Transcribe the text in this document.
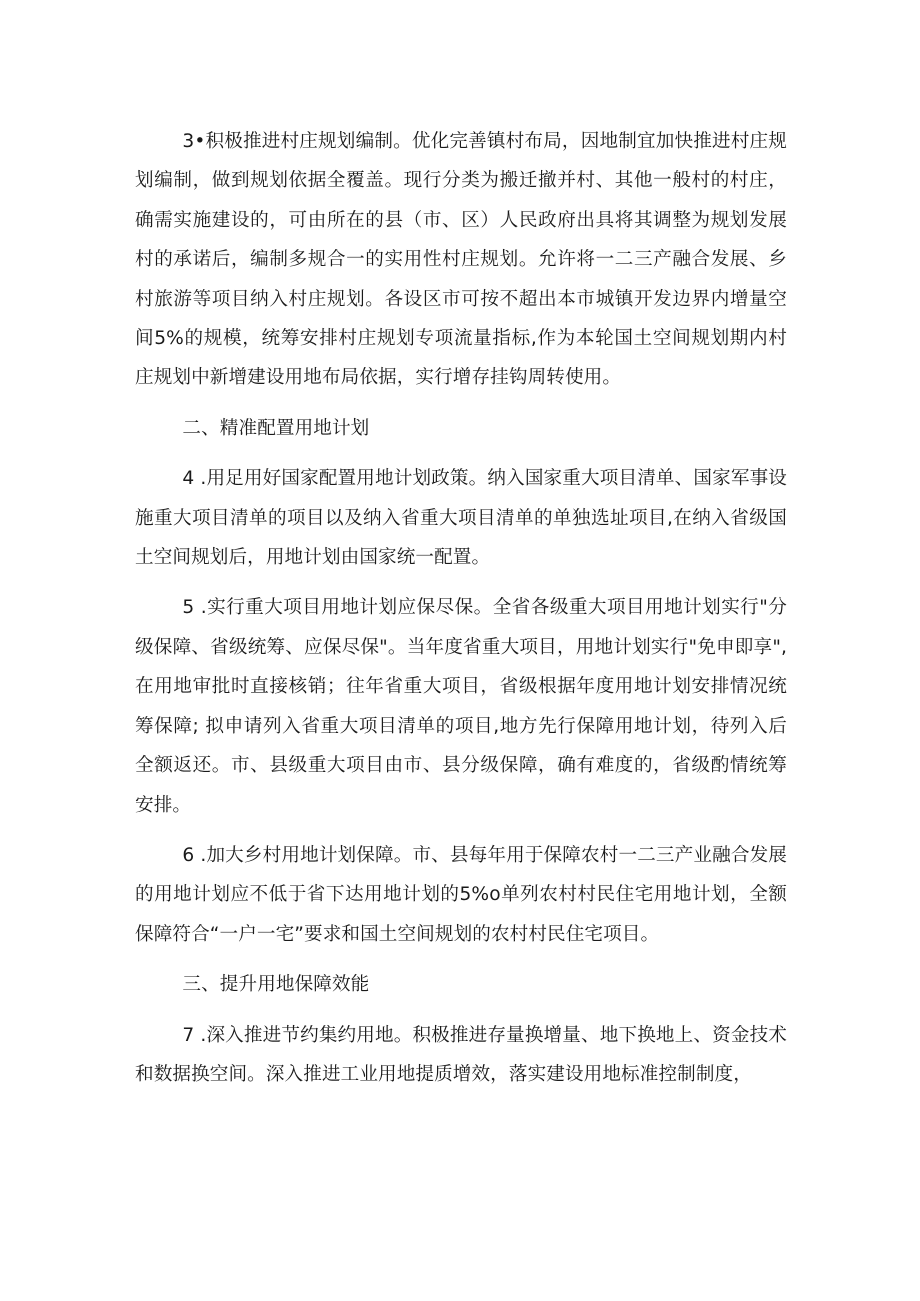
3•积极推进村庄规划编制。优化完善镇村布局，因地制宜加快推进村庄规划编制，做到规划依据全覆盖。现行分类为搬迁撤并村、其他一般村的村庄，确需实施建设的，可由所在的县（市、区）人民政府出具将其调整为规划发展村的承诺后，编制多规合一的实用性村庄规划。允许将一二三产融合发展、乡村旅游等项目纳入村庄规划。各设区市可按不超出本市城镇开发边界内增量空间5%的规模，统筹安排村庄规划专项流量指标,作为本轮国土空间规划期内村庄规划中新增建设用地布局依据，实行增存挂钩周转使用。

二、精准配置用地计划

4 .用足用好国家配置用地计划政策。纳入国家重大项目清单、国家军事设施重大项目清单的项目以及纳入省重大项目清单的单独选址项目,在纳入省级国土空间规划后，用地计划由国家统一配置。

5 .实行重大项目用地计划应保尽保。全省各级重大项目用地计划实行"分级保障、省级统筹、应保尽保"。当年度省重大项目，用地计划实行"免申即享",在用地审批时直接核销；往年省重大项目，省级根据年度用地计划安排情况统筹保障; 拟申请列入省重大项目清单的项目,地方先行保障用地计划，待列入后全额返还。市、县级重大项目由市、县分级保障，确有难度的，省级酌情统筹安排。

6 .加大乡村用地计划保障。市、县每年用于保障农村一二三产业融合发展的用地计划应不低于省下达用地计划的5%o单列农村村民住宅用地计划，全额保障符合“一户一宅”要求和国土空间规划的农村村民住宅项目。

三、提升用地保障效能

7 .深入推进节约集约用地。积极推进存量换增量、地下换地上、资金技术和数据换空间。深入推进工业用地提质增效，落实建设用地标准控制制度，
